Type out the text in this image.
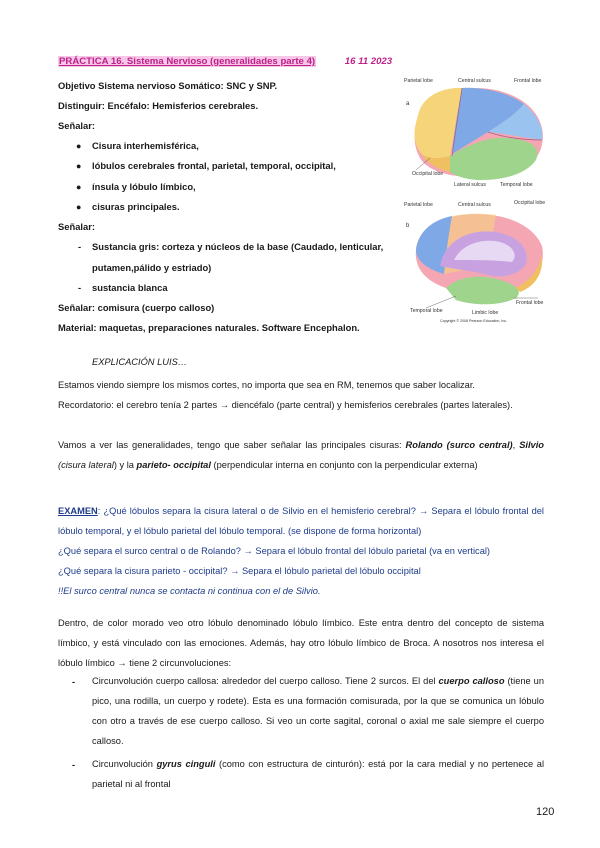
PRÁCTICA 16. Sistema Nervioso (generalidades parte 4)	16 11 2023
Objetivo Sistema nervioso Somático: SNC y SNP.
Distinguir: Encéfalo: Hemisferios cerebrales.
Señalar:
● Cisura interhemisférica,
● lóbulos cerebrales frontal, parietal, temporal, occipital,
● ínsula y lóbulo límbico,
● cisuras principales.
Señalar:
- Sustancia gris: corteza y núcleos de la base (Caudado, lenticular,
putamen,pálido y estriado)
- sustancia blanca
Señalar: comisura (cuerpo calloso)
Material: maquetas, preparaciones naturales. Software Encephalon.
a
Parietal lobe	Central sulcus	Frontal lobe
Occipital lobe
Lateral sulcus	Temporal lobe
b
Parietal lobe	Central sulcus	Occipital lobe
Frontal lobe
Temporal lobe	Limbic lobe
Copyright © 2008 Pearson Education, Inc.
EXPLICACIÓN LUIS…
Estamos viendo siempre los mismos cortes, no importa que sea en RM, tenemos que saber localizar.
Recordatorio: el cerebro tenía 2 partes → diencéfalo (parte central) y hemisferios cerebrales (partes laterales).
Vamos a ver las generalidades, tengo que saber señalar las principales cisuras: Rolando (surco central), Silvio (cisura lateral) y la parieto- occipital (perpendicular interna en conjunto con la perpendicular externa)
EXAMEN: ¿Qué lóbulos separa la cisura lateral o de Silvio en el hemisferio cerebral? → Separa el lóbulo frontal del lóbulo temporal, y el lóbulo parietal del lóbulo temporal. (se dispone de forma horizontal)
¿Qué separa el surco central o de Rolando? → Separa el lóbulo frontal del lóbulo parietal (va en vertical)
¿Qué separa la cisura parieto - occipital? → Separa el lóbulo parietal del lóbulo occipital
!!El surco central nunca se contacta ni continua con el de Silvio.
Dentro, de color morado veo otro lóbulo denominado lóbulo límbico. Este entra dentro del concepto de sistema límbico, y está vinculado con las emociones. Además, hay otro lóbulo límbico de Broca. A nosotros nos interesa el lóbulo límbico → tiene 2 circunvoluciones:
- Circunvolución cuerpo callosa: alrededor del cuerpo calloso. Tiene 2 surcos. El del cuerpo calloso (tiene un pico, una rodilla, un cuerpo y rodete). Esta es una formación comisurada, por la que se comunica un lóbulo con otro a través de ese cuerpo calloso. Si veo un corte sagital, coronal o axial me sale siempre el cuerpo calloso.
- Circunvolución gyrus cinguli (como con estructura de cinturón): está por la cara medial y no pertenece al parietal ni al frontal
120
